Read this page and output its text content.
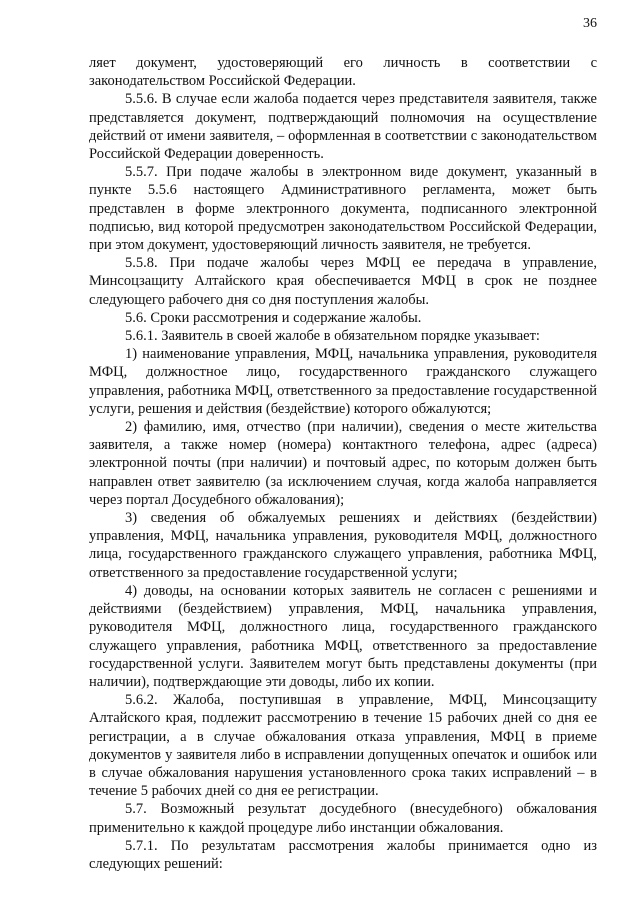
36

ляет документ, удостоверяющий его личность в соответствии с законодательством Российской Федерации.

5.5.6. В случае если жалоба подается через представителя заявителя, также представляется документ, подтверждающий полномочия на осуществление действий от имени заявителя, – оформленная в соответствии с законодательством Российской Федерации доверенность.

5.5.7. При подаче жалобы в электронном виде документ, указанный в пункте 5.5.6 настоящего Административного регламента, может быть представлен в форме электронного документа, подписанного электронной подписью, вид которой предусмотрен законодательством Российской Федерации, при этом документ, удостоверяющий личность заявителя, не требуется.

5.5.8. При подаче жалобы через МФЦ ее передача в управление, Минсоцзащиту Алтайского края обеспечивается МФЦ в срок не позднее следующего рабочего дня со дня поступления жалобы.

5.6. Сроки рассмотрения и содержание жалобы.

5.6.1. Заявитель в своей жалобе в обязательном порядке указывает:

1) наименование управления, МФЦ, начальника управления, руководителя МФЦ, должностное лицо, государственного гражданского служащего управления, работника МФЦ, ответственного за предоставление государственной услуги, решения и действия (бездействие) которого обжалуются;

2) фамилию, имя, отчество (при наличии), сведения о месте жительства заявителя, а также номер (номера) контактного телефона, адрес (адреса) электронной почты (при наличии) и почтовый адрес, по которым должен быть направлен ответ заявителю (за исключением случая, когда жалоба направляется через портал Досудебного обжалования);

3) сведения об обжалуемых решениях и действиях (бездействии) управления, МФЦ, начальника управления, руководителя МФЦ, должностного лица, государственного гражданского служащего управления, работника МФЦ, ответственного за предоставление государственной услуги;

4) доводы, на основании которых заявитель не согласен с решениями и действиями (бездействием) управления, МФЦ, начальника управления, руководителя МФЦ, должностного лица, государственного гражданского служащего управления, работника МФЦ, ответственного за предоставление государственной услуги. Заявителем могут быть представлены документы (при наличии), подтверждающие эти доводы, либо их копии.

5.6.2. Жалоба, поступившая в управление, МФЦ, Минсоцзащиту Алтайского края, подлежит рассмотрению в течение 15 рабочих дней со дня ее регистрации, а в случае обжалования отказа управления, МФЦ в приеме документов у заявителя либо в исправлении допущенных опечаток и ошибок или в случае обжалования нарушения установленного срока таких исправлений – в течение 5 рабочих дней со дня ее регистрации.

5.7. Возможный результат досудебного (внесудебного) обжалования применительно к каждой процедуре либо инстанции обжалования.

5.7.1. По результатам рассмотрения жалобы принимается одно из следующих решений:
